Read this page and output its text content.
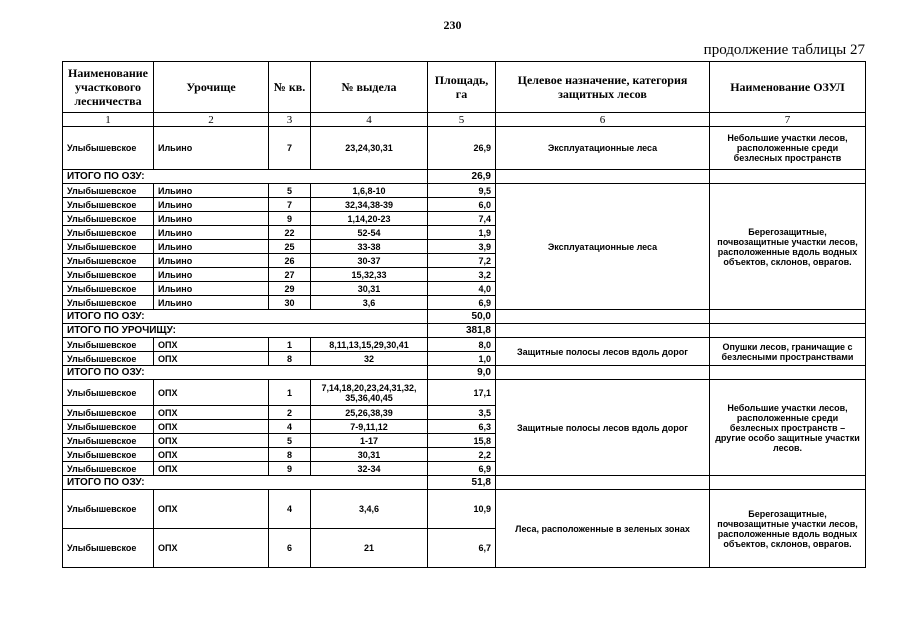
230
продолжение таблицы 27
Наименование участкового лесничества	Урочище	№ кв.	№ выдела	Площадь, га	Целевое назначение, категория защитных лесов	Наименование ОЗУЛ
1	2	3	4	5	6	7
Улыбышевское	Ильино	7	23,24,30,31	26,9	Эксплуатационные леса	Небольшие участки лесов, расположенные среди безлесных пространств
ИТОГО ПО ОЗУ:				26,9		
Улыбышевское	Ильино	5	1,6,8-10	9,5	Эксплуатационные леса	Берегозащитные, почвозащитные участки лесов, расположенные вдоль водных объектов, склонов, оврагов.
Улыбышевское	Ильино	7	32,34,38-39	6,0		
Улыбышевское	Ильино	9	1,14,20-23	7,4		
Улыбышевское	Ильино	22	52-54	1,9		
Улыбышевское	Ильино	25	33-38	3,9		
Улыбышевское	Ильино	26	30-37	7,2		
Улыбышевское	Ильино	27	15,32,33	3,2		
Улыбышевское	Ильино	29	30,31	4,0		
Улыбышевское	Ильино	30	3,6	6,9		
ИТОГО ПО ОЗУ:				50,0		
ИТОГО ПО УРОЧИЩУ:				381,8		
Улыбышевское	ОПХ	1	8,11,13,15,29,30,41	8,0	Защитные полосы лесов вдоль дорог	Опушки лесов, граничащие с безлесными пространствами
Улыбышевское	ОПХ	8	32	1,0		
ИТОГО ПО ОЗУ:				9,0		
Улыбышевское	ОПХ	1	7,14,18,20,23,24,31,32, 35,36,40,45	17,1	Защитные полосы лесов вдоль дорог	Небольшие участки лесов, расположенные среди безлесных пространств – другие особо защитные участки лесов.
Улыбышевское	ОПХ	2	25,26,38,39	3,5		
Улыбышевское	ОПХ	4	7-9,11,12	6,3		
Улыбышевское	ОПХ	5	1-17	15,8		
Улыбышевское	ОПХ	8	30,31	2,2		
Улыбышевское	ОПХ	9	32-34	6,9		
ИТОГО ПО ОЗУ:				51,8		
Улыбышевское	ОПХ	4	3,4,6	10,9	Леса, расположенные в зеленых зонах	Берегозащитные, почвозащитные участки лесов, расположенные вдоль водных объектов, склонов, оврагов.
Улыбышевское	ОПХ	6	21	6,7		
